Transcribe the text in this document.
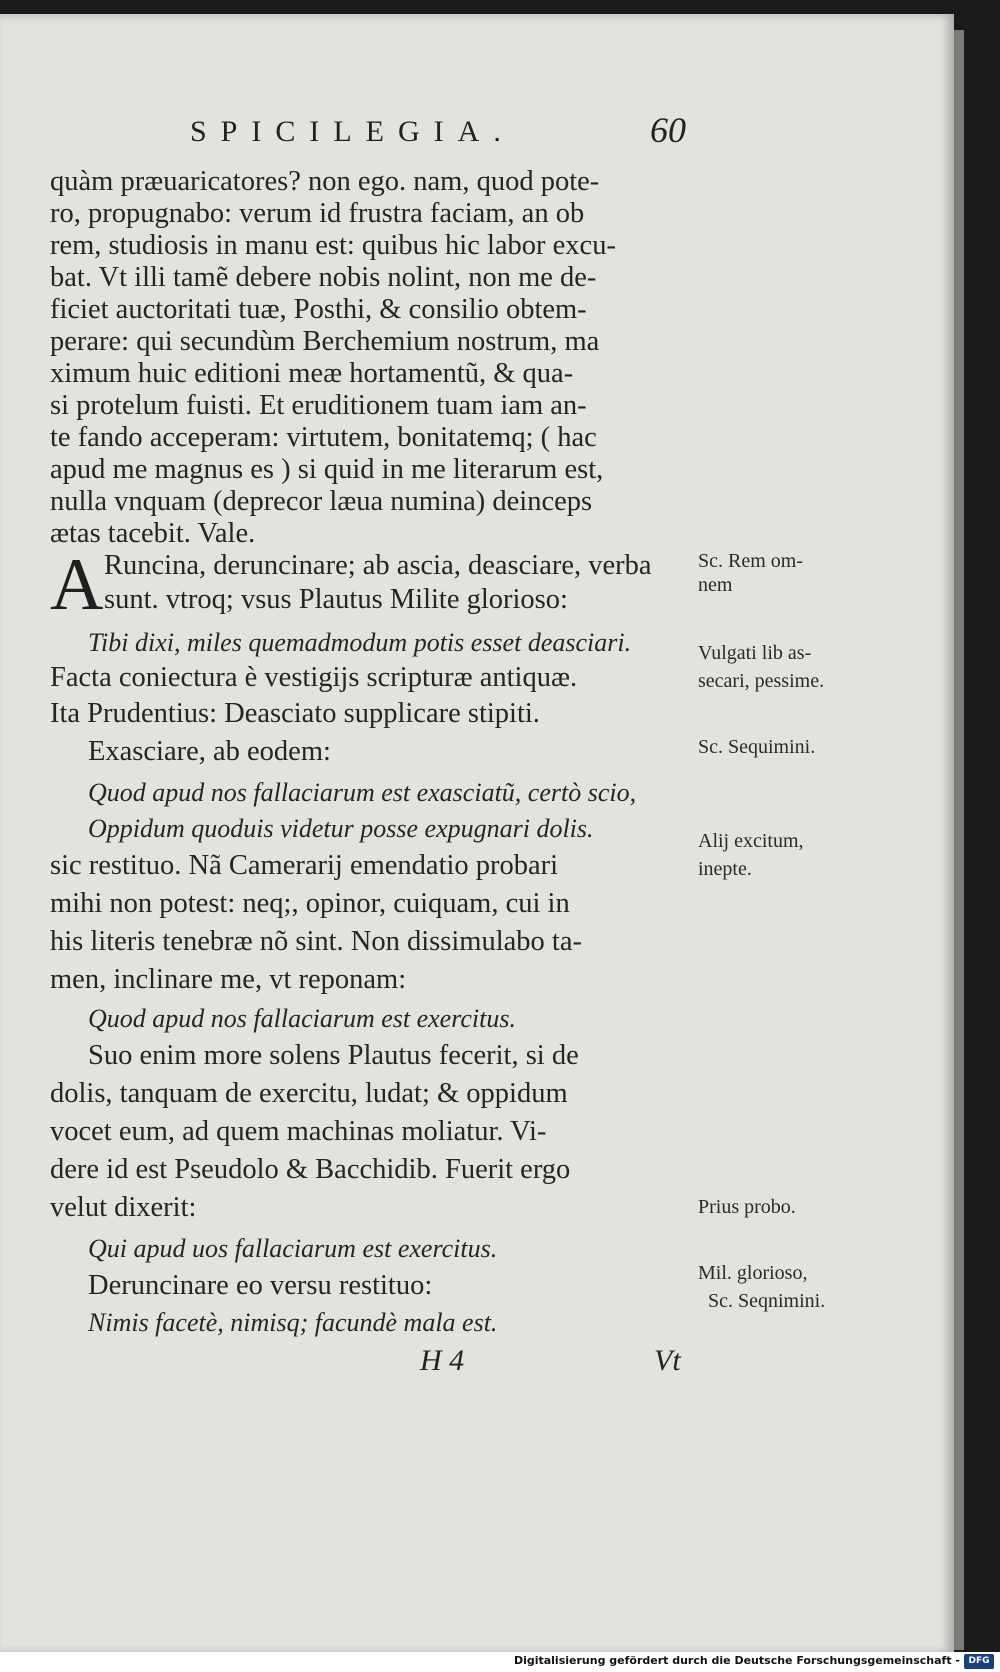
SPICILEGIA.	60
quàm præuaricatores? non ego. nam, quod pote-
ro, propugnabo: verum id frustra faciam, an ob
rem, studiosis in manu est: quibus hic labor excu-
bat. Vt illi tamẽ debere nobis nolint, non me de-
ficiet auctoritati tuæ, Posthi, & consilio obtem-
perare: qui secundùm Berchemium nostrum, ma
ximum huic editioni meæ hortamentũ, & qua-
si protelum fuisti. Et eruditionem tuam iam an-
te fando acceperam: virtutem, bonitatemq; ( hac
apud me magnus es ) si quid in me literarum est,
nulla vnquam (deprecor læua numina) deinceps
ætas tacebit. Vale.
A Runcina, deruncinare; ab ascia, deasciare, verba
sunt. vtroq; vsus Plautus Milite glorioso:
Tibi dixi, miles quemadmodum potis esset deasciari.
Facta coniectura è vestigijs scripturæ antiquæ.
Ita Prudentius: Deasciato supplicare stipiti.
Exasciare, ab eodem:
Quod apud nos fallaciarum est exasciatũ, certò scio,
Oppidum quoduis videtur posse expugnari dolis.
sic restituo. Nã Camerarij emendatio probari
mihi non potest: neq;, opinor, cuiquam, cui in
his literis tenebræ nõ sint. Non dissimulabo ta-
men, inclinare me, vt reponam:
Quod apud nos fallaciarum est exercitus.
Suo enim more solens Plautus fecerit, si de
dolis, tanquam de exercitu, ludat; & oppidum
vocet eum, ad quem machinas moliatur. Vi-
dere id est Pseudolo & Bacchidib. Fuerit ergo
velut dixerit:
Qui apud uos fallaciarum est exercitus.
Deruncinare eo versu restituo:
Nimis facetè, nimisq; facundè mala est.
Sc. Rem om-
nem
Vulgati lib as-
secari, pessime.
Sc. Sequimini.
Alij excitum,
inepte.
Prius probo.
Mil. glorioso,
Sc. Seqnimini.
H 4	Vt
Digitalisierung gefördert durch die Deutsche Forschungsgemeinschaft - DFG
